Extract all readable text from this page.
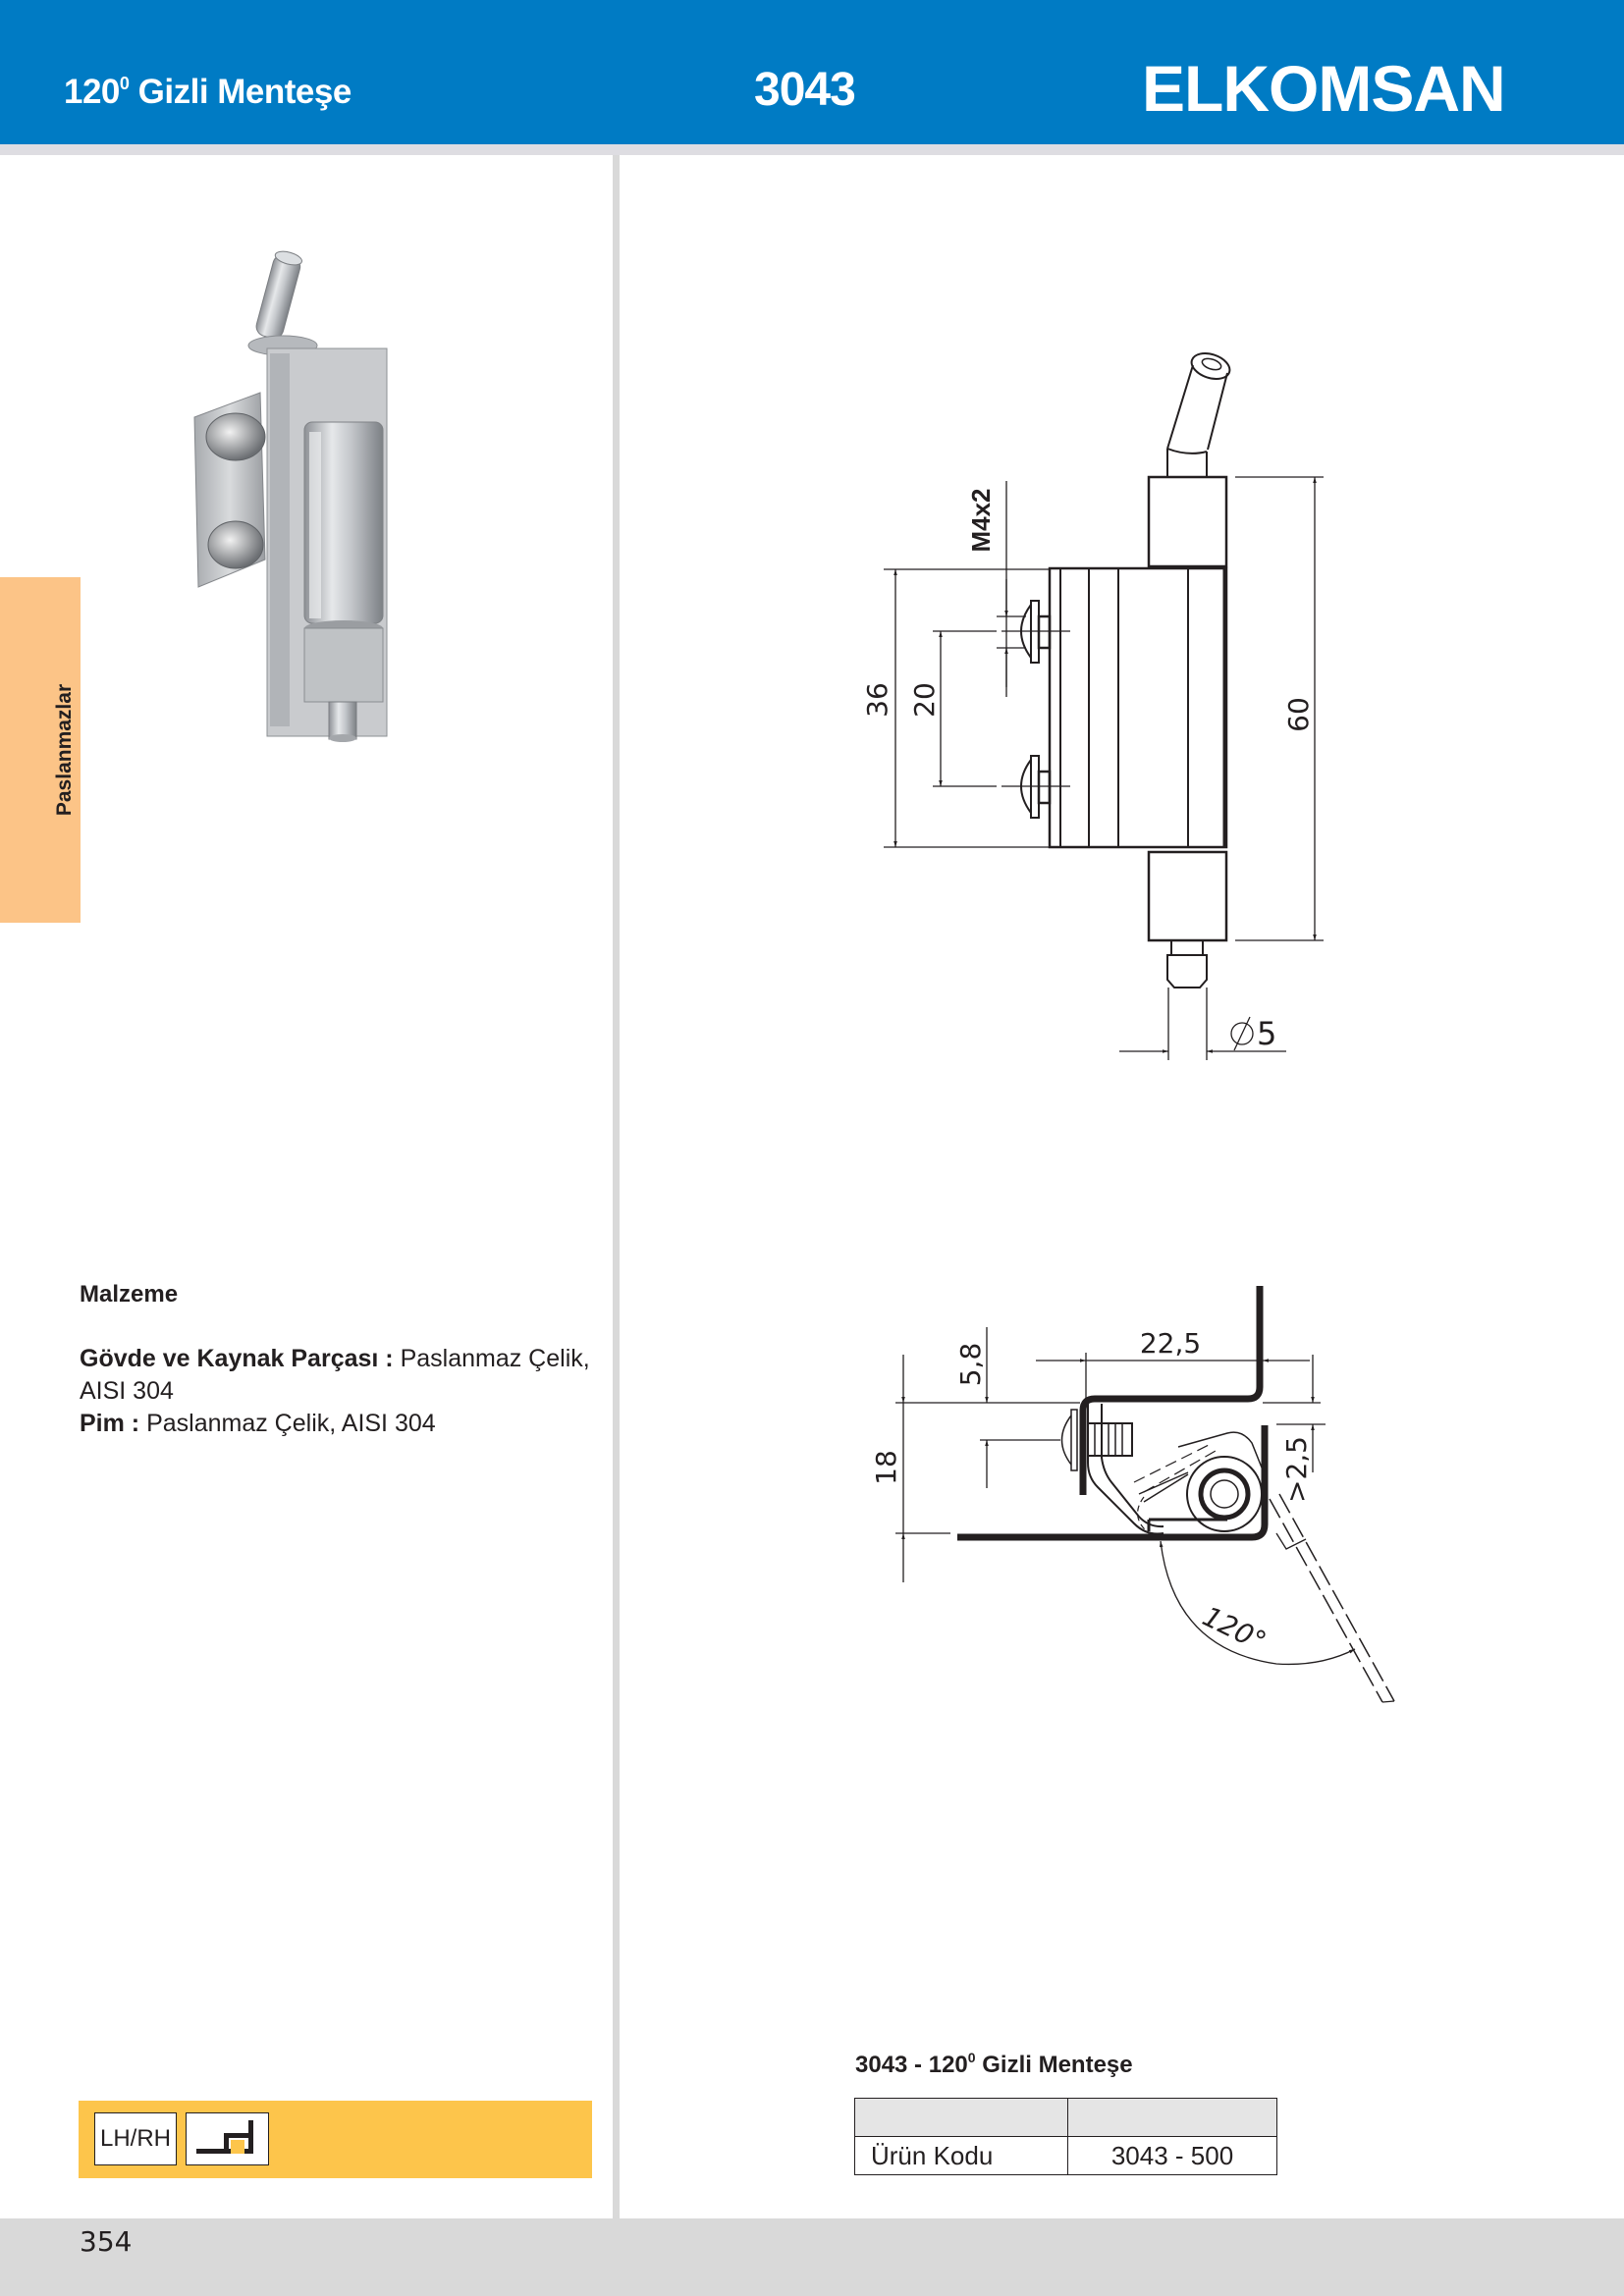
$120^0$ Gizli Menteşe	3043	ELKOMSAN
Paslanmazlar
Malzeme
Gövde ve Kaynak Parçası : Paslanmaz Çelik, AISI 304
Pim : Paslanmaz Çelik, AISI 304
LH/RH
M4x2
36 20	60
5
22,5
5,8
18	>2,5
120°
$3043 - 120^0$ Gizli Menteşe

Ürün Kodu	3043 - 500
354
